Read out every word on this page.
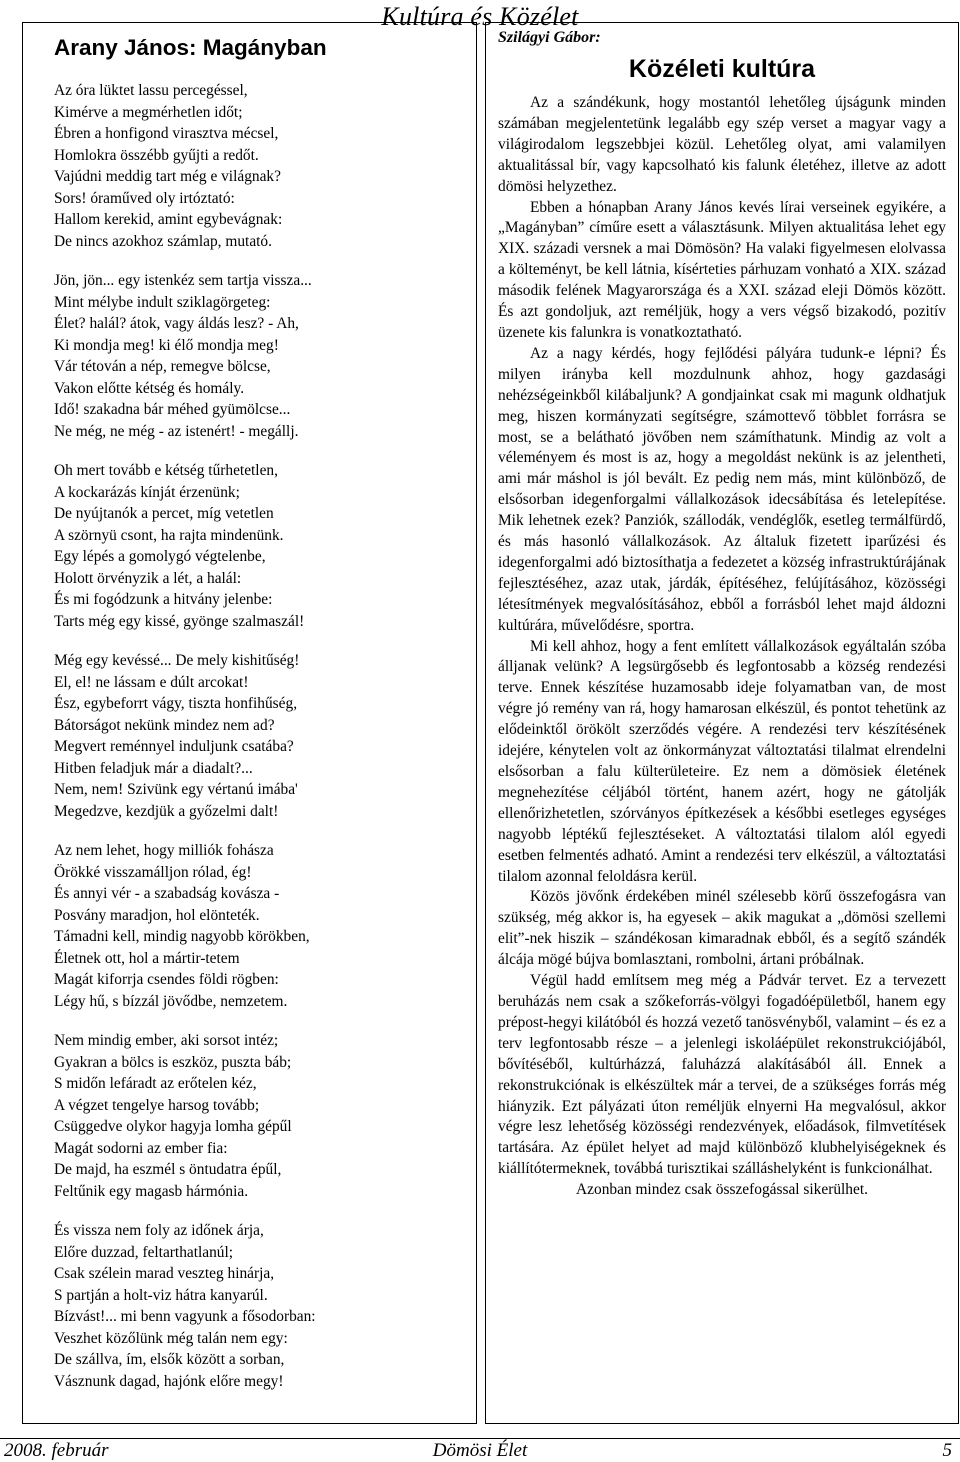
Kultúra és Közélet
Arany János: Magányban
Az óra lüktet lassu percegéssel,
Kimérve a megmérhetlen időt;
Ébren a honfigond virasztva mécsel,
Homlokra összébb gyűjti a redőt.
Vajúdni meddig tart még e világnak?
Sors! óraműved oly irtóztató:
Hallom kerekid, amint egybevágnak:
De nincs azokhoz számlap, mutató.
Jön, jön... egy istenkéz sem tartja vissza...
Mint mélybe indult sziklagörgeteg:
Élet? halál? átok, vagy áldás lesz? - Ah,
Ki mondja meg! ki élő mondja meg!
Vár tétován a nép, remegve bölcse,
Vakon előtte kétség és homály.
Idő! szakadna bár méhed gyümölcse...
Ne még, ne még - az istenért! - megállj.
Oh mert tovább e kétség tűrhetetlen,
A kockarázás kínját érzenünk;
De nyújtanók a percet, míg vetetlen
A szörnyü csont, ha rajta mindenünk.
Egy lépés a gomolygó végtelenbe,
Holott örvényzik a lét, a halál:
És mi fogódzunk a hitvány jelenbe:
Tarts még egy kissé, gyönge szalmaszál!
Még egy kevéssé... De mely kishitűség!
El, el! ne lássam e dúlt arcokat!
Ész, egybeforrt vágy, tiszta honfihűség,
Bátorságot nekünk mindez nem ad?
Megvert reménnyel induljunk csatába?
Hitben feladjuk már a diadalt?...
Nem, nem! Szivünk egy vértanú imába'
Megedzve, kezdjük a győzelmi dalt!
Az nem lehet, hogy milliók fohásza
Örökké visszamálljon rólad, ég!
És annyi vér - a szabadság kovásza -
Posvány maradjon, hol elönteték.
Támadni kell, mindig nagyobb körökben,
Életnek ott, hol a mártir-tetem
Magát kiforrja csendes földi rögben:
Légy hű, s bízzál jövődbe, nemzetem.
Nem mindig ember, aki sorsot intéz;
Gyakran a bölcs is eszköz, puszta báb;
S midőn lefáradt az erőtelen kéz,
A végzet tengelye harsog tovább;
Csüggedve olykor hagyja lomha gépűl
Magát sodorni az ember fia:
De majd, ha eszmél s öntudatra épűl,
Feltűnik egy magasb hármónia.
És vissza nem foly az időnek árja,
Előre duzzad, feltarthatlanúl;
Csak szélein marad veszteg hinárja,
S partján a holt-viz hátra kanyarúl.
Bízvást!... mi benn vagyunk a fősodorban:
Veszhet közőlünk még talán nem egy:
De szállva, ím, elsők között a sorban,
Vásznunk dagad, hajónk előre megy!
Szilágyi Gábor:
Közéleti kultúra

Az a szándékunk, hogy mostantól lehetőleg újságunk minden számában megjelentetünk legalább egy szép verset a magyar vagy a világirodalom legszebbjei közül. Lehetőleg olyat, ami valamilyen aktualitással bír, vagy kapcsolható kis falunk életéhez, illetve az adott dömösi helyzethez.

Ebben a hónapban Arany János kevés lírai verseinek egyikére, a „Magányban” címűre esett a választásunk. Milyen aktualitása lehet egy XIX. századi versnek a mai Dömösön? Ha valaki figyelmesen elolvassa a költeményt, be kell látnia, kísérteties párhuzam vonható a XIX. század második felének Magyarországa és a XXI. század eleji Dömös között. És azt gondoljuk, azt reméljük, hogy a vers végső bizakodó, pozitív üzenete kis falunkra is vonatkoztatható.

Az a nagy kérdés, hogy fejlődési pályára tudunk-e lépni? És milyen irányba kell mozdulnunk ahhoz, hogy gazdasági nehézségeinkből kilábaljunk? A gondjainkat csak mi magunk oldhatjuk meg, hiszen kormányzati segítségre, számottevő többlet forrásra se most, se a belátható jövőben nem számíthatunk. Mindig az volt a véleményem és most is az, hogy a megoldást nekünk is az jelentheti, ami már máshol is jól bevált. Ez pedig nem más, mint különböző, de elsősorban idegenforgalmi vállalkozások idecsábítása és letelepítése. Mik lehetnek ezek? Panziók, szállodák, vendéglők, esetleg termálfürdő, és más hasonló vállalkozások. Az általuk fizetett iparűzési és idegenforgalmi adó biztosíthatja a fedezetet a község infrastruktúrájának fejlesztéséhez, azaz utak, járdák, építéséhez, felújításához, közösségi létesítmények megvalósításához, ebből a forrásból lehet majd áldozni kultúrára, művelődésre, sportra.

Mi kell ahhoz, hogy a fent említett vállalkozások egyáltalán szóba álljanak velünk? A legsürgősebb és legfontosabb a község rendezési terve. Ennek készítése huzamosabb ideje folyamatban van, de most végre jó remény van rá, hogy hamarosan elkészül, és pontot tehetünk az elődeinktől örökölt szerződés végére. A rendezési terv készítésének idejére, kénytelen volt az önkormányzat változtatási tilalmat elrendelni elsősorban a falu külterületeire. Ez nem a dömösiek életének megnehezítése céljából történt, hanem azért, hogy ne gátolják ellenőrizhetetlen, szórványos építkezések a későbbi esetleges egységes nagyobb léptékű fejlesztéseket. A változtatási tilalom alól egyedi esetben felmentés adható. Amint a rendezési terv elkészül, a változtatási tilalom azonnal feloldásra kerül.

Közös jövőnk érdekében minél szélesebb körű összefogásra van szükség, még akkor is, ha egyesek – akik magukat a „dömösi szellemi elit”-nek hiszik – szándékosan kimaradnak ebből, és a segítő szándék álcája mögé bújva bomlasztani, rombolni, ártani próbálnak.

Végül hadd említsem meg még a Pádvár tervet. Ez a tervezett beruházás nem csak a szőkeforrás-völgyi fogadóépületből, hanem egy prépost-hegyi kilátóból és hozzá vezető tanösvényből, valamint – és ez a terv legfontosabb része – a jelenlegi iskoláépület rekonstrukciójából, bővítéséből, kultúrházzá, faluházzá alakításából áll. Ennek a rekonstrukciónak is elkészültek már a tervei, de a szükséges forrás még hiányzik. Ezt pályázati úton reméljük elnyerni Ha megvalósul, akkor végre lesz lehetőség közösségi rendezvények, előadások, filmvetítések tartására. Az épület helyet ad majd különböző klubhelyiségeknek és kiállítótermeknek, továbbá turisztikai szálláshelyként is funkcionálhat.

Azonban mindez csak összefogással sikerülhet.

2008. február	Dömösi Élet	5
